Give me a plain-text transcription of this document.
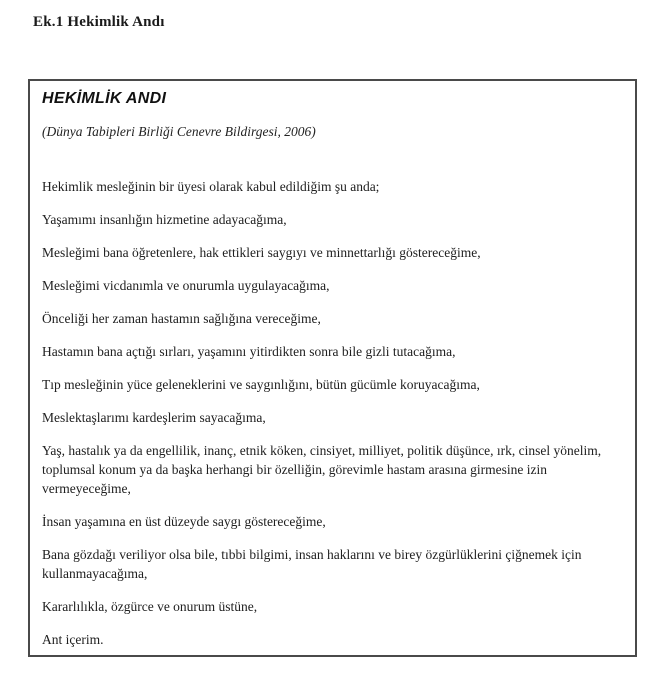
Ek.1 Hekimlik Andı
HEKİMLİK ANDI

(Dünya Tabipleri Birliği Cenevre Bildirgesi, 2006)

Hekimlik mesleğinin bir üyesi olarak kabul edildiğim şu anda;

Yaşamımı insanlığın hizmetine adayacağıma,

Mesleğimi bana öğretenlere, hak ettikleri saygıyı ve minnettarlığı göstereceğime,

Mesleğimi vicdanımla ve onurumla uygulayacağıma,

Önceliği her zaman hastamın sağlığına vereceğime,

Hastamın bana açtığı sırları, yaşamını yitirdikten sonra bile gizli tutacağıma,

Tıp mesleğinin yüce geleneklerini ve saygınlığını, bütün gücümle koruyacağıma,

Meslektaşlarımı kardeşlerim sayacağıma,

Yaş, hastalık ya da engellilik, inanç, etnik köken, cinsiyet, milliyet, politik düşünce, ırk, cinsel yönelim, toplumsal konum ya da başka herhangi bir özelliğin, görevimle hastam arasına girmesine izin vermeyeceğime,

İnsan yaşamına en üst düzeyde saygı göstereceğime,

Bana gözdağı veriliyor olsa bile, tıbbi bilgimi, insan haklarını ve birey özgürlüklerini çiğnemek için kullanmayacağıma,

Kararlılıkla, özgürce ve onurum üstüne,

Ant içerim.
